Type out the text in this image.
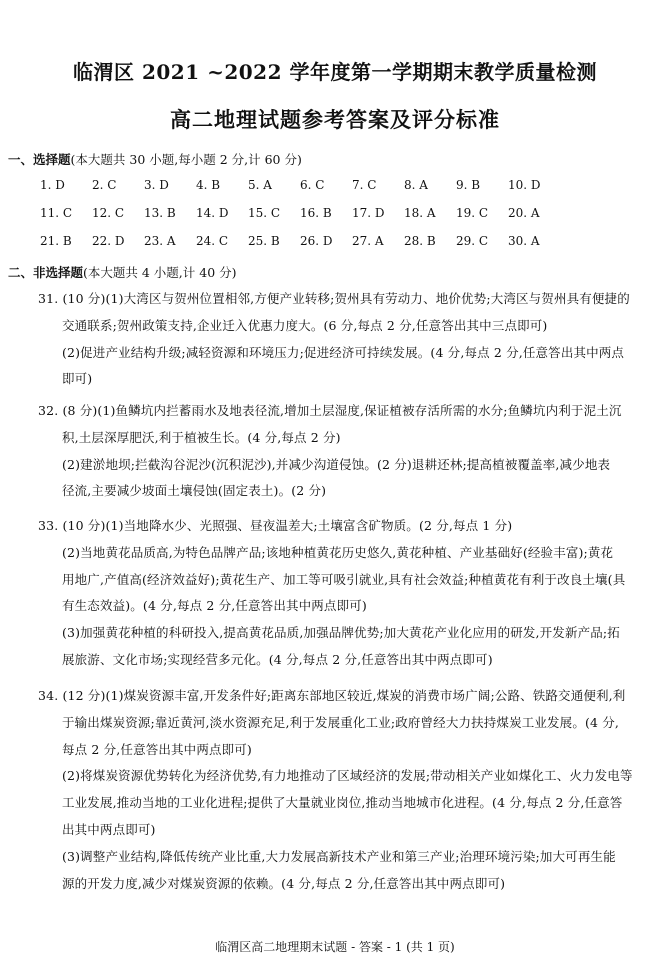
临渭区 2021 ~2022 学年度第一学期期末教学质量检测
高二地理试题参考答案及评分标准
一、选择题(本大题共 30 小题,每小题 2 分,计 60 分)
1. D 2. C 3. D 4. B 5. A 6. C 7. C 8. A 9. B 10. D
11. C 12. C 13. B 14. D 15. C 16. B 17. D 18. A 19. C 20. A
21. B 22. D 23. A 24. C 25. B 26. D 27. A 28. B 29. C 30. A
二、非选择题(本大题共 4 小题,计 40 分)
31. (10 分)(1)大湾区与贺州位置相邻,方便产业转移;贺州具有劳动力、地价优势;大湾区与贺州具有便捷的
交通联系;贺州政策支持,企业迁入优惠力度大。(6 分,每点 2 分,任意答出其中三点即可)
(2)促进产业结构升级;减轻资源和环境压力;促进经济可持续发展。(4 分,每点 2 分,任意答出其中两点
即可)
32. (8 分)(1)鱼鳞坑内拦蓄雨水及地表径流,增加土层湿度,保证植被存活所需的水分;鱼鳞坑内利于泥土沉
积,土层深厚肥沃,利于植被生长。(4 分,每点 2 分)
(2)建淤地坝;拦截沟谷泥沙(沉积泥沙),并减少沟道侵蚀。(2 分)退耕还林;提高植被覆盖率,减少地表
径流,主要减少坡面土壤侵蚀(固定表土)。(2 分)
33. (10 分)(1)当地降水少、光照强、昼夜温差大;土壤富含矿物质。(2 分,每点 1 分)
(2)当地黄花品质高,为特色品牌产品;该地种植黄花历史悠久,黄花种植、产业基础好(经验丰富);黄花
用地广,产值高(经济效益好);黄花生产、加工等可吸引就业,具有社会效益;种植黄花有利于改良土壤(具
有生态效益)。(4 分,每点 2 分,任意答出其中两点即可)
(3)加强黄花种植的科研投入,提高黄花品质,加强品牌优势;加大黄花产业化应用的研发,开发新产品;拓
展旅游、文化市场;实现经营多元化。(4 分,每点 2 分,任意答出其中两点即可)
34. (12 分)(1)煤炭资源丰富,开发条件好;距离东部地区较近,煤炭的消费市场广阔;公路、铁路交通便利,利
于输出煤炭资源;靠近黄河,淡水资源充足,利于发展重化工业;政府曾经大力扶持煤炭工业发展。(4 分,
每点 2 分,任意答出其中两点即可)
(2)将煤炭资源优势转化为经济优势,有力地推动了区域经济的发展;带动相关产业如煤化工、火力发电等
工业发展,推动当地的工业化进程;提供了大量就业岗位,推动当地城市化进程。(4 分,每点 2 分,任意答
出其中两点即可)
(3)调整产业结构,降低传统产业比重,大力发展高新技术产业和第三产业;治理环境污染;加大可再生能
源的开发力度,减少对煤炭资源的依赖。(4 分,每点 2 分,任意答出其中两点即可)
临渭区高二地理期末试题 - 答案 - 1 (共 1 页)
